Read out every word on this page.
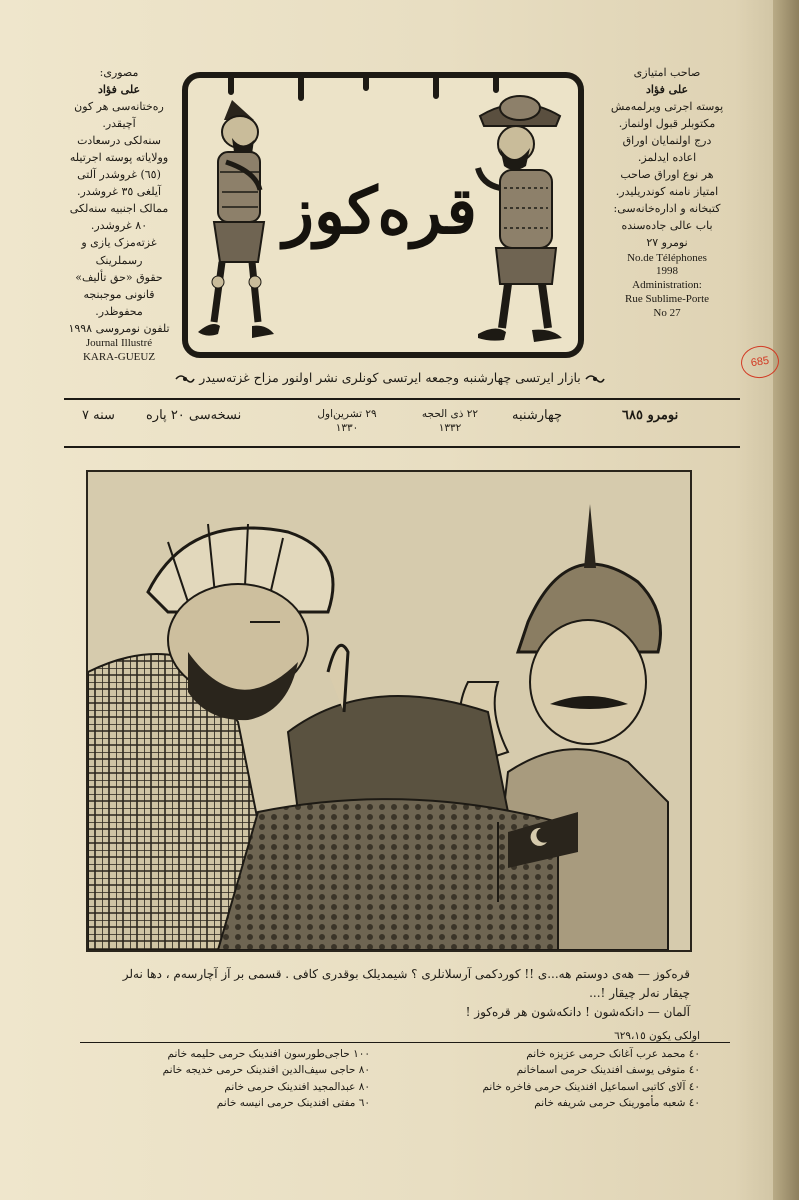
قره‌کوز
مصوری:
علی فؤاد
ره‌ختانه‌سی هر کون
آچیقدر.
سنه‌لکی درسعادت
وولایاته پوسته اجرتیله
(٦٥) غروشدر آلتی
آیلغی ٣٥ غروشدر.
ممالک اجنبیه سنه‌لکی
٨٠ غروشدر.
غزته‌مزک یازی و رسملرینک
حقوق «حق تألیف»
قانونی موجبنجه محفوظدر.
تلفون نومروسی ١٩٩٨
Journal Illustré
KARA-GUEUZ
صاحب امتیازی
علی فؤاد
پوسته اجرتی ویرلمه‌مش
مکتوبلر قبول اولنماز.
درج اولنمایان اوراق
اعاده ایدلمز.
هر نوع اوراق صاحب
امتیاز نامنه کوندریلیدر.
کتبخانه و اداره‌خانه‌سی:
باب عالی جاده‌سنده
نومرو ٢٧
No.de Téléphones
1998
Administration:
Rue Sublime-Porte
No 27
بازار ایرتسی چهارشنبه وجمعه ایرتسی کونلری نشر اولنور مزاح غزته‌سیدر
نومرو ٦٨٥
چهارشنبه
٢٢ ذی الحجه
١٣٣٢
٢٩ تشرین‌اول
١٣٣٠
نسخه‌سی ٢٠ پاره
سنه ٧
قره‌کوز — هه‌ی دوستم هه...ی !! کوردکمی آرسلانلری ؟ شیمدیلک بوقدری کافی . قسمی بر آز آچارسه‌م ، دها نه‌لر
چیقار نه‌لر چیقار !...
آلمان — دانکه‌شون ! دانکه‌شون هر قره‌کوز !
اولکی یکون ٦٢٩،١٥
٤٠ محمد عرب آغانک حرمی عزیزه خانم
٤٠ متوفی یوسف افندینک حرمی اسماخانم
٤٠ آلای کاتبی اسماعیل افندینک حرمی فاخره خانم
٤٠ شعبه مأمورینک حرمی شریفه خانم
١٠٠ حاجی‌طورسون افندینک حرمی حلیمه خانم
٨٠ حاجی سیف‌الدین افندینک حرمی خدیجه خانم
٨٠ عبدالمجید افندینک حرمی خانم
٦٠ مفتی افندینک حرمی انیسه خانم
685
